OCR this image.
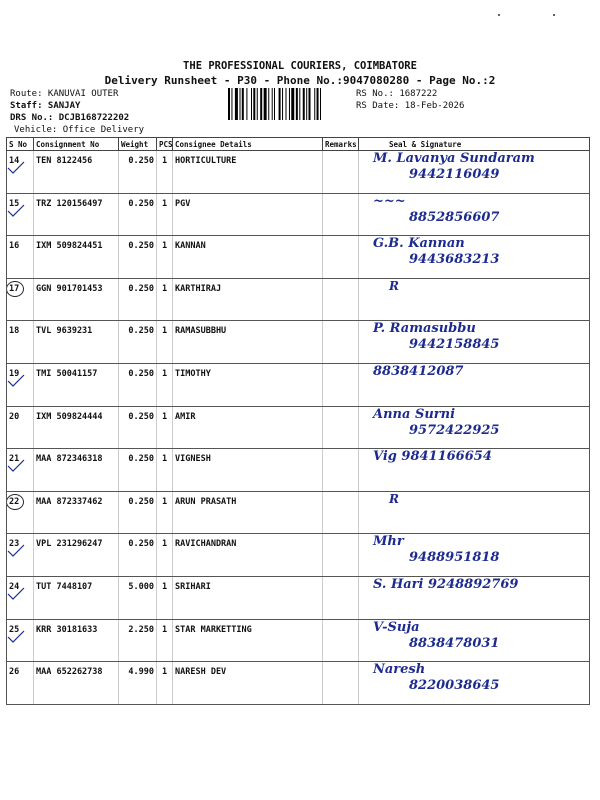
THE PROFESSIONAL COURIERS, COIMBATORE
Delivery Runsheet - P30 - Phone No.:9047080280 - Page No.:2
Route: KANUVAI OUTER
Staff: SANJAY
DRS No.: DCJB168722202
Vehicle: Office Delivery
RS No.: 1687222
RS Date: 18-Feb-2026
S No	Consignment No	Weight	PCS	Consignee Details	Remarks	Seal & Signature
14	TEN 8122456	0.250	1	HORTICULTURE		M. Lavanya Sundaram
9442116049

15	TRZ 120156497	0.250	1	PGV		~~~
8852856607

16	IXM 509824451	0.250	1	KANNAN		G.B. Kannan
9443683213

17	GGN 901701453	0.250	1	KARTHIRAJ		R

18	TVL 9639231	0.250	1	RAMASUBBHU		P. Ramasubbu
9442158845

19	TMI 50041157	0.250	1	TIMOTHY		8838412087

20	IXM 509824444	0.250	1	AMIR		Anna Surni
9572422925

21	MAA 872346318	0.250	1	VIGNESH		Vig 9841166654

22	MAA 872337462	0.250	1	ARUN PRASATH		R

23	VPL 231296247	0.250	1	RAVICHANDRAN		Mhr
9488951818

24	TUT 7448107	5.000	1	SRIHARI		S. Hari 9248892769

25	KRR 30181633	2.250	1	STAR MARKETTING		V-Suja
8838478031

26	MAA 652262738	4.990	1	NARESH DEV		Naresh
8220038645
